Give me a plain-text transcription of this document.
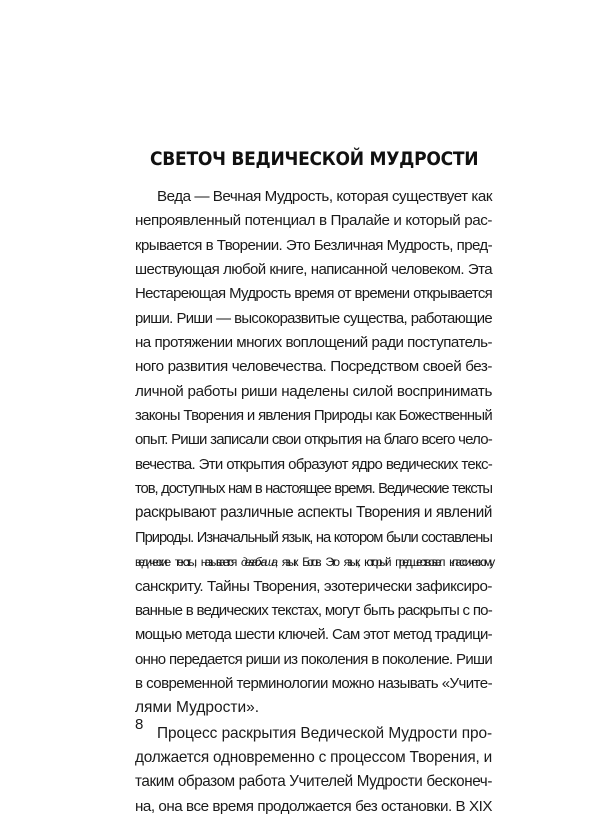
СВЕТОЧ ВЕДИЧЕСКОЙ МУДРОСТИ
Веда — Вечная Мудрость, которая существует как
непроявленный потенциал в Пралайе и который рас-
крывается в Творении. Это Безличная Мудрость, пред-
шествующая любой книге, написанной человеком. Эта
Нестареющая Мудрость время от времени открывается
риши. Риши — высокоразвитые существа, работающие
на протяжении многих воплощений ради поступатель-
ного развития человечества. Посредством своей без-
личной работы риши наделены силой воспринимать
законы Творения и явления Природы как Божественный
опыт. Риши записали свои открытия на благо всего чело-
вечества. Эти открытия образуют ядро ведических текс-
тов, доступных нам в настоящее время. Ведические тексты
раскрывают различные аспекты Творения и явлений
Природы. Изначальный язык, на котором были составлены
ведические тексты, называется девабхаша, язык Богов. Это язык, который предшествовал классическому
санскриту. Тайны Творения, эзотерически зафиксиро-
ванные в ведических текстах, могут быть раскрыты с по-
мощью метода шести ключей. Сам этот метод традици-
онно передается риши из поколения в поколение. Риши
в современной терминологии можно называть «Учите-
лями Мудрости».
Процесс раскрытия Ведической Мудрости про-
должается одновременно с процессом Творения, и
таким образом работа Учителей Мудрости бесконеч-
на, она все время продолжается без остановки. В XIX
8
